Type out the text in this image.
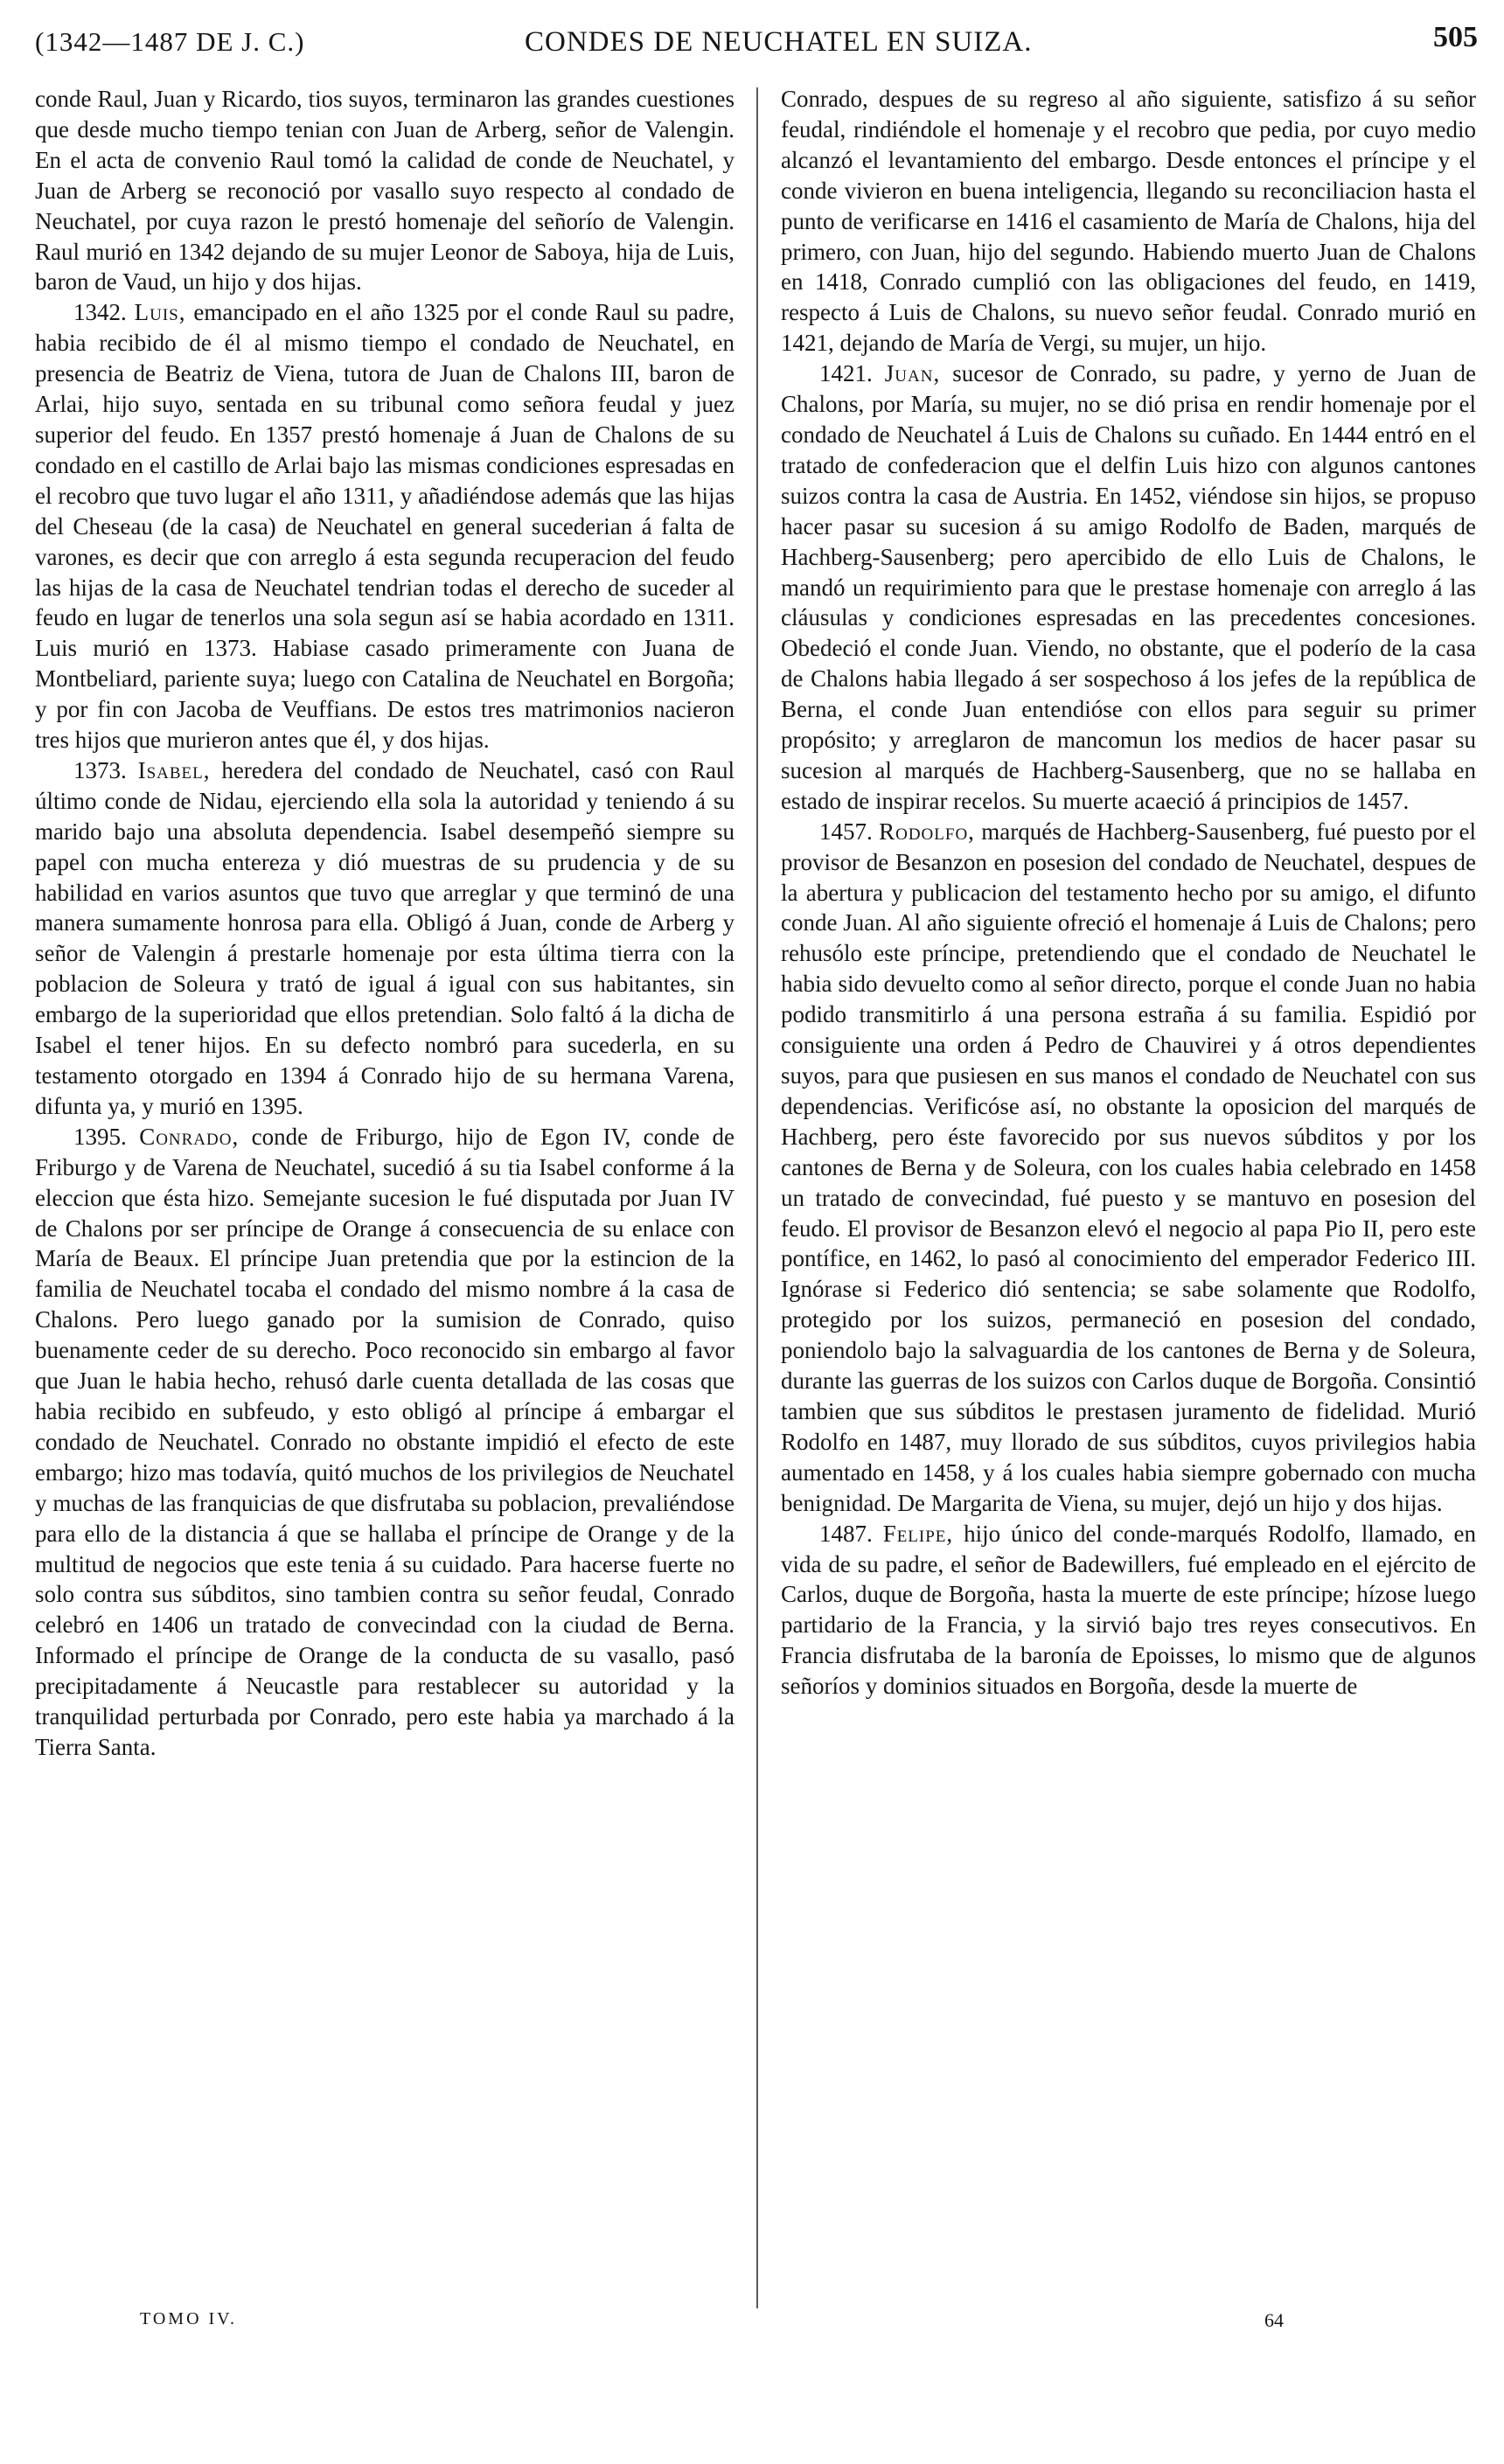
(1342—1487 DE J. C.)	CONDES DE NEUCHATEL EN SUIZA.	505

conde Raul, Juan y Ricardo, tios suyos, terminaron las grandes cuestiones que desde mucho tiempo tenian con Juan de Arberg, señor de Valengin. En el acta de convenio Raul tomó la calidad de conde de Neuchatel, y Juan de Arberg se reconoció por vasallo suyo respecto al condado de Neuchatel, por cuya razon le prestó homenaje del señorío de Valengin. Raul murió en 1342 dejando de su mujer Leonor de Saboya, hija de Luis, baron de Vaud, un hijo y dos hijas.

1342. Luis, emancipado en el año 1325 por el conde Raul su padre, habia recibido de él al mismo tiempo el condado de Neuchatel, en presencia de Beatriz de Viena, tutora de Juan de Chalons III, baron de Arlai, hijo suyo, sentada en su tribunal como señora feudal y juez superior del feudo. En 1357 prestó homenaje á Juan de Chalons de su condado en el castillo de Arlai bajo las mismas condiciones espresadas en el recobro que tuvo lugar el año 1311, y añadiéndose además que las hijas del Cheseau (de la casa) de Neuchatel en general sucederian á falta de varones, es decir que con arreglo á esta segunda recuperacion del feudo las hijas de la casa de Neuchatel tendrian todas el derecho de suceder al feudo en lugar de tenerlos una sola segun así se habia acordado en 1311. Luis murió en 1373. Habiase casado primeramente con Juana de Montbeliard, pariente suya; luego con Catalina de Neuchatel en Borgoña; y por fin con Jacoba de Veuffians. De estos tres matrimonios nacieron tres hijos que murieron antes que él, y dos hijas.

1373. Isabel, heredera del condado de Neuchatel, casó con Raul último conde de Nidau, ejerciendo ella sola la autoridad y teniendo á su marido bajo una absoluta dependencia. Isabel desempeñó siempre su papel con mucha entereza y dió muestras de su prudencia y de su habilidad en varios asuntos que tuvo que arreglar y que terminó de una manera sumamente honrosa para ella. Obligó á Juan, conde de Arberg y señor de Valengin á prestarle homenaje por esta última tierra con la poblacion de Soleura y trató de igual á igual con sus habitantes, sin embargo de la superioridad que ellos pretendian. Solo faltó á la dicha de Isabel el tener hijos. En su defecto nombró para sucederla, en su testamento otorgado en 1394 á Conrado hijo de su hermana Varena, difunta ya, y murió en 1395.

1395. Conrado, conde de Friburgo, hijo de Egon IV, conde de Friburgo y de Varena de Neuchatel, sucedió á su tia Isabel conforme á la eleccion que ésta hizo. Semejante sucesion le fué disputada por Juan IV de Chalons por ser príncipe de Orange á consecuencia de su enlace con María de Beaux. El príncipe Juan pretendia que por la estincion de la familia de Neuchatel tocaba el condado del mismo nombre á la casa de Chalons. Pero luego ganado por la sumision de Conrado, quiso buenamente ceder de su derecho. Poco reconocido sin embargo al favor que Juan le habia hecho, rehusó darle cuenta detallada de las cosas que habia recibido en subfeudo, y esto obligó al príncipe á embargar el condado de Neuchatel. Conrado no obstante impidió el efecto de este embargo; hizo mas todavía, quitó muchos de los privilegios de Neuchatel y muchas de las franquicias de que disfrutaba su poblacion, prevaliéndose para ello de la distancia á que se hallaba el príncipe de Orange y de la multitud de negocios que este tenia á su cuidado. Para hacerse fuerte no solo contra sus súbditos, sino tambien contra su señor feudal, Conrado celebró en 1406 un tratado de convecindad con la ciudad de Berna. Informado el príncipe de Orange de la conducta de su vasallo, pasó precipitadamente á Neucastle para restablecer su autoridad y la tranquilidad perturbada por Conrado, pero este habia ya marchado á la Tierra Santa.

Conrado, despues de su regreso al año siguiente, satisfizo á su señor feudal, rindiéndole el homenaje y el recobro que pedia, por cuyo medio alcanzó el levantamiento del embargo. Desde entonces el príncipe y el conde vivieron en buena inteligencia, llegando su reconciliacion hasta el punto de verificarse en 1416 el casamiento de María de Chalons, hija del primero, con Juan, hijo del segundo. Habiendo muerto Juan de Chalons en 1418, Conrado cumplió con las obligaciones del feudo, en 1419, respecto á Luis de Chalons, su nuevo señor feudal. Conrado murió en 1421, dejando de María de Vergi, su mujer, un hijo.

1421. Juan, sucesor de Conrado, su padre, y yerno de Juan de Chalons, por María, su mujer, no se dió prisa en rendir homenaje por el condado de Neuchatel á Luis de Chalons su cuñado. En 1444 entró en el tratado de confederacion que el delfin Luis hizo con algunos cantones suizos contra la casa de Austria. En 1452, viéndose sin hijos, se propuso hacer pasar su sucesion á su amigo Rodolfo de Baden, marqués de Hachberg-Sausenberg; pero apercibido de ello Luis de Chalons, le mandó un requirimiento para que le prestase homenaje con arreglo á las cláusulas y condiciones espresadas en las precedentes concesiones. Obedeció el conde Juan. Viendo, no obstante, que el poderío de la casa de Chalons habia llegado á ser sospechoso á los jefes de la república de Berna, el conde Juan entendióse con ellos para seguir su primer propósito; y arreglaron de mancomun los medios de hacer pasar su sucesion al marqués de Hachberg-Sausenberg, que no se hallaba en estado de inspirar recelos. Su muerte acaeció á principios de 1457.

1457. Rodolfo, marqués de Hachberg-Sausenberg, fué puesto por el provisor de Besanzon en posesion del condado de Neuchatel, despues de la abertura y publicacion del testamento hecho por su amigo, el difunto conde Juan. Al año siguiente ofreció el homenaje á Luis de Chalons; pero rehusólo este príncipe, pretendiendo que el condado de Neuchatel le habia sido devuelto como al señor directo, porque el conde Juan no habia podido transmitirlo á una persona estraña á su familia. Espidió por consiguiente una orden á Pedro de Chauvirei y á otros dependientes suyos, para que pusiesen en sus manos el condado de Neuchatel con sus dependencias. Verificóse así, no obstante la oposicion del marqués de Hachberg, pero éste favorecido por sus nuevos súbditos y por los cantones de Berna y de Soleura, con los cuales habia celebrado en 1458 un tratado de convecindad, fué puesto y se mantuvo en posesion del feudo. El provisor de Besanzon elevó el negocio al papa Pio II, pero este pontífice, en 1462, lo pasó al conocimiento del emperador Federico III. Ignórase si Federico dió sentencia; se sabe solamente que Rodolfo, protegido por los suizos, permaneció en posesion del condado, poniendolo bajo la salvaguardia de los cantones de Berna y de Soleura, durante las guerras de los suizos con Carlos duque de Borgoña. Consintió tambien que sus súbditos le prestasen juramento de fidelidad. Murió Rodolfo en 1487, muy llorado de sus súbditos, cuyos privilegios habia aumentado en 1458, y á los cuales habia siempre gobernado con mucha benignidad. De Margarita de Viena, su mujer, dejó un hijo y dos hijas.

1487. Felipe, hijo único del conde-marqués Rodolfo, llamado, en vida de su padre, el señor de Badewillers, fué empleado en el ejército de Carlos, duque de Borgoña, hasta la muerte de este príncipe; hízose luego partidario de la Francia, y la sirvió bajo tres reyes consecutivos. En Francia disfrutaba de la baronía de Epoisses, lo mismo que de algunos señoríos y dominios situados en Borgoña, desde la muerte de

TOMO IV.	64
